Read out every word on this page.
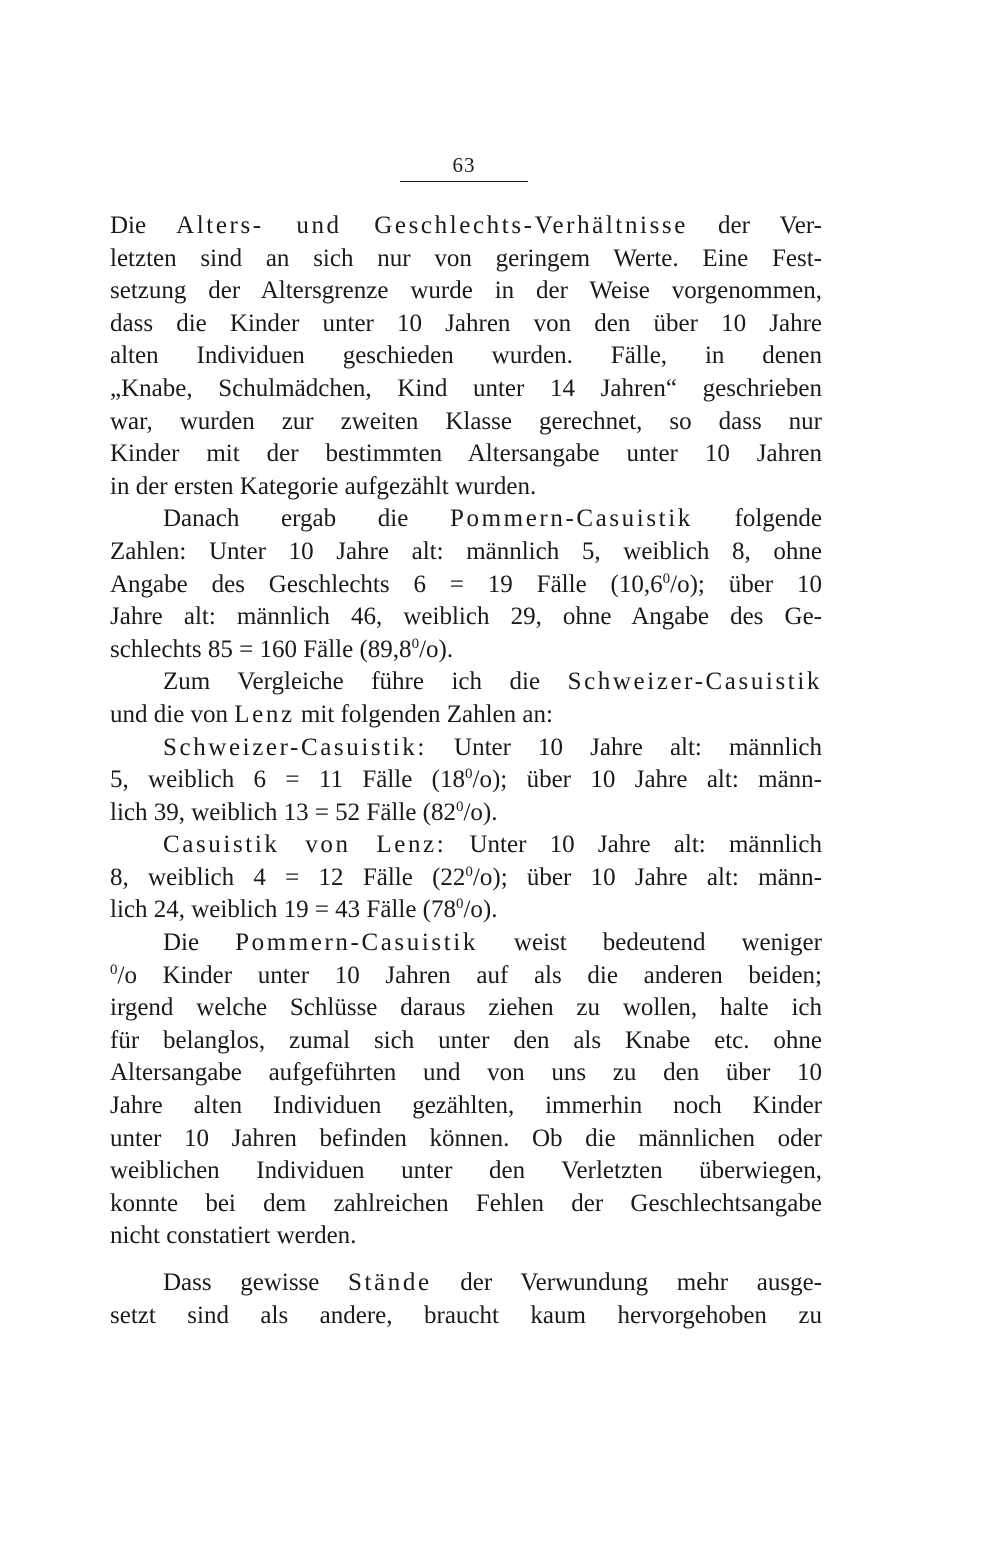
63

Die Alters- und Geschlechts-Verhältnisse der Ver-

letzten sind an sich nur von geringem Werte. Eine Fest-

setzung der Altersgrenze wurde in der Weise vorgenommen,

dass die Kinder unter 10 Jahren von den über 10 Jahre

alten Individuen geschieden wurden. Fälle, in denen

„Knabe, Schulmädchen, Kind unter 14 Jahren“ geschrieben

war, wurden zur zweiten Klasse gerechnet, so dass nur

Kinder mit der bestimmten Altersangabe unter 10 Jahren

in der ersten Kategorie aufgezählt wurden.

Danach ergab die Pommern-Casuistik folgende

Zahlen: Unter 10 Jahre alt: männlich 5, weiblich 8, ohne

Angabe des Geschlechts 6 = 19 Fälle (10,6$^0$/o); über 10

Jahre alt: männlich 46, weiblich 29, ohne Angabe des Ge-

schlechts 85 = 160 Fälle (89,8$^0$/o).

Zum Vergleiche führe ich die Schweizer-Casuistik

und die von Lenz mit folgenden Zahlen an:

Schweizer-Casuistik: Unter 10 Jahre alt: männlich

5, weiblich 6 = 11 Fälle $(18^0/o)$; über 10 Jahre alt: männ-

lich 39, weiblich 13 = 52 Fälle $(82^0/o)$.

Casuistik von Lenz: Unter 10 Jahre alt: männlich

8, weiblich 4 = 12 Fälle $(22^0/o)$; über 10 Jahre alt: männ-

lich 24, weiblich 19 = 43 Fälle $(78^0/o)$.

Die Pommern-Casuistik weist bedeutend weniger

$^0$/o Kinder unter 10 Jahren auf als die anderen beiden;

irgend welche Schlüsse daraus ziehen zu wollen, halte ich

für belanglos, zumal sich unter den als Knabe etc. ohne

Altersangabe aufgeführten und von uns zu den über 10

Jahre alten Individuen gezählten, immerhin noch Kinder

unter 10 Jahren befinden können. Ob die männlichen oder

weiblichen Individuen unter den Verletzten überwiegen,

konnte bei dem zahlreichen Fehlen der Geschlechtsangabe

nicht constatiert werden.

Dass gewisse Stände der Verwundung mehr ausge-

setzt sind als andere, braucht kaum hervorgehoben zu
